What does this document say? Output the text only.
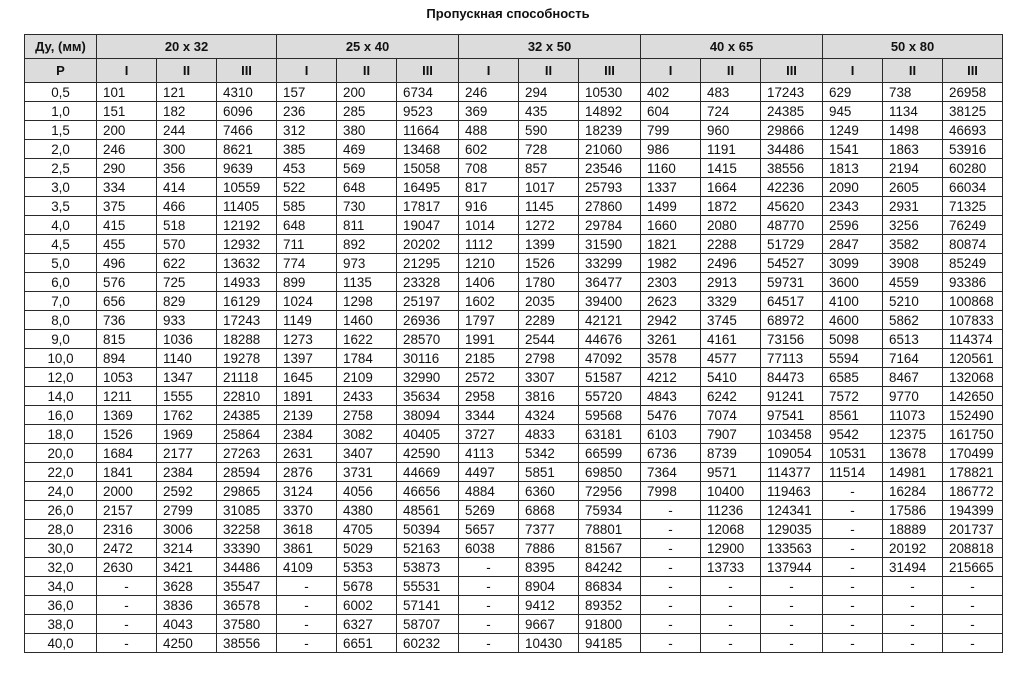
Пропускная способность
Ду, (мм)	20 x 32			25 x 40			32 x 50			40 x 65			50 x 80		
P	I	II	III	I	II	III	I	II	III	I	II	III	I	II	III
0,5	101	121	4310	157	200	6734	246	294	10530	402	483	17243	629	738	26958
1,0	151	182	6096	236	285	9523	369	435	14892	604	724	24385	945	1134	38125
1,5	200	244	7466	312	380	11664	488	590	18239	799	960	29866	1249	1498	46693
2,0	246	300	8621	385	469	13468	602	728	21060	986	1191	34486	1541	1863	53916
2,5	290	356	9639	453	569	15058	708	857	23546	1160	1415	38556	1813	2194	60280
3,0	334	414	10559	522	648	16495	817	1017	25793	1337	1664	42236	2090	2605	66034
3,5	375	466	11405	585	730	17817	916	1145	27860	1499	1872	45620	2343	2931	71325
4,0	415	518	12192	648	811	19047	1014	1272	29784	1660	2080	48770	2596	3256	76249
4,5	455	570	12932	711	892	20202	1112	1399	31590	1821	2288	51729	2847	3582	80874
5,0	496	622	13632	774	973	21295	1210	1526	33299	1982	2496	54527	3099	3908	85249
6,0	576	725	14933	899	1135	23328	1406	1780	36477	2303	2913	59731	3600	4559	93386
7,0	656	829	16129	1024	1298	25197	1602	2035	39400	2623	3329	64517	4100	5210	100868
8,0	736	933	17243	1149	1460	26936	1797	2289	42121	2942	3745	68972	4600	5862	107833
9,0	815	1036	18288	1273	1622	28570	1991	2544	44676	3261	4161	73156	5098	6513	114374
10,0	894	1140	19278	1397	1784	30116	2185	2798	47092	3578	4577	77113	5594	7164	120561
12,0	1053	1347	21118	1645	2109	32990	2572	3307	51587	4212	5410	84473	6585	8467	132068
14,0	1211	1555	22810	1891	2433	35634	2958	3816	55720	4843	6242	91241	7572	9770	142650
16,0	1369	1762	24385	2139	2758	38094	3344	4324	59568	5476	7074	97541	8561	11073	152490
18,0	1526	1969	25864	2384	3082	40405	3727	4833	63181	6103	7907	103458	9542	12375	161750
20,0	1684	2177	27263	2631	3407	42590	4113	5342	66599	6736	8739	109054	10531	13678	170499
22,0	1841	2384	28594	2876	3731	44669	4497	5851	69850	7364	9571	114377	11514	14981	178821
24,0	2000	2592	29865	3124	4056	46656	4884	6360	72956	7998	10400	119463	-	16284	186772
26,0	2157	2799	31085	3370	4380	48561	5269	6868	75934	-	11236	124341	-	17586	194399
28,0	2316	3006	32258	3618	4705	50394	5657	7377	78801	-	12068	129035	-	18889	201737
30,0	2472	3214	33390	3861	5029	52163	6038	7886	81567	-	12900	133563	-	20192	208818
32,0	2630	3421	34486	4109	5353	53873	-	8395	84242	-	13733	137944	-	31494	215665
34,0	-	3628	35547	-	5678	55531	-	8904	86834	-	-	-	-	-	-
36,0	-	3836	36578	-	6002	57141	-	9412	89352	-	-	-	-	-	-
38,0	-	4043	37580	-	6327	58707	-	9667	91800	-	-	-	-	-	-
40,0	-	4250	38556	-	6651	60232	-	10430	94185	-	-	-	-	-	-
